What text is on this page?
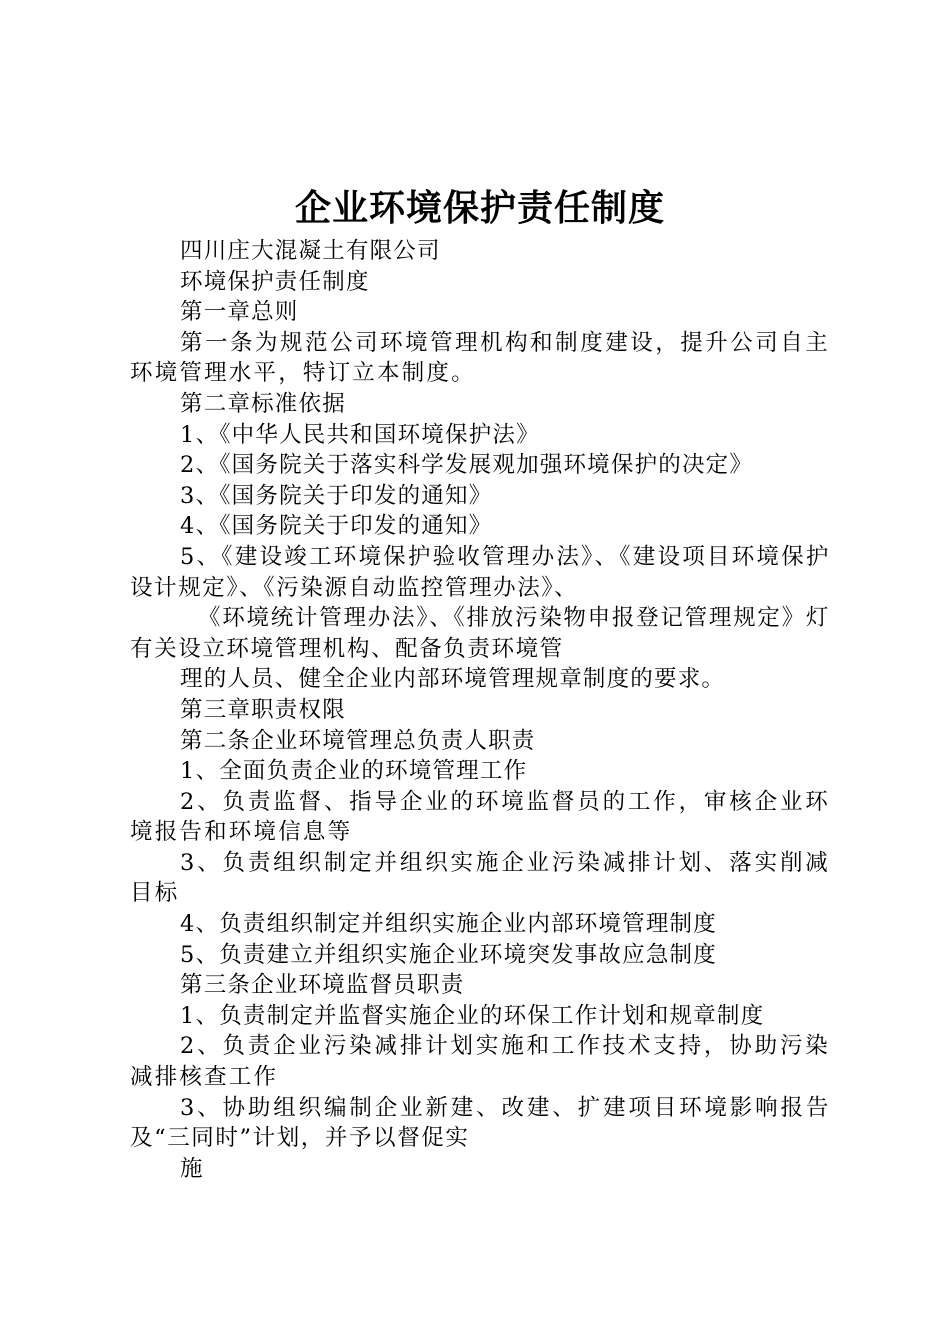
企业环境保护责任制度

四川庄大混凝土有限公司

环境保护责任制度

第一章总则

第一条为规范公司环境管理机构和制度建设，提升公司自主环境管理水平，特订立本制度。

第二章标准依据

1、《中华人民共和国环境保护法》

2、《国务院关于落实科学发展观加强环境保护的决定》

3、《国务院关于印发的通知》

4、《国务院关于印发的通知》

5、《建设竣工环境保护验收管理办法》、《建设项目环境保护设计规定》、《污染源自动监控管理办法》、

《环境统计管理办法》、《排放污染物申报登记管理规定》灯有关设立环境管理机构、配备负责环境管

理的人员、健全企业内部环境管理规章制度的要求。

第三章职责权限

第二条企业环境管理总负责人职责

1、全面负责企业的环境管理工作

2、负责监督、指导企业的环境监督员的工作，审核企业环境报告和环境信息等

3、负责组织制定并组织实施企业污染减排计划、落实削减目标

4、负责组织制定并组织实施企业内部环境管理制度

5、负责建立并组织实施企业环境突发事故应急制度

第三条企业环境监督员职责

1、负责制定并监督实施企业的环保工作计划和规章制度

2、负责企业污染减排计划实施和工作技术支持，协助污染减排核查工作

3、协助组织编制企业新建、改建、扩建项目环境影响报告及“三同时”计划，并予以督促实

施
